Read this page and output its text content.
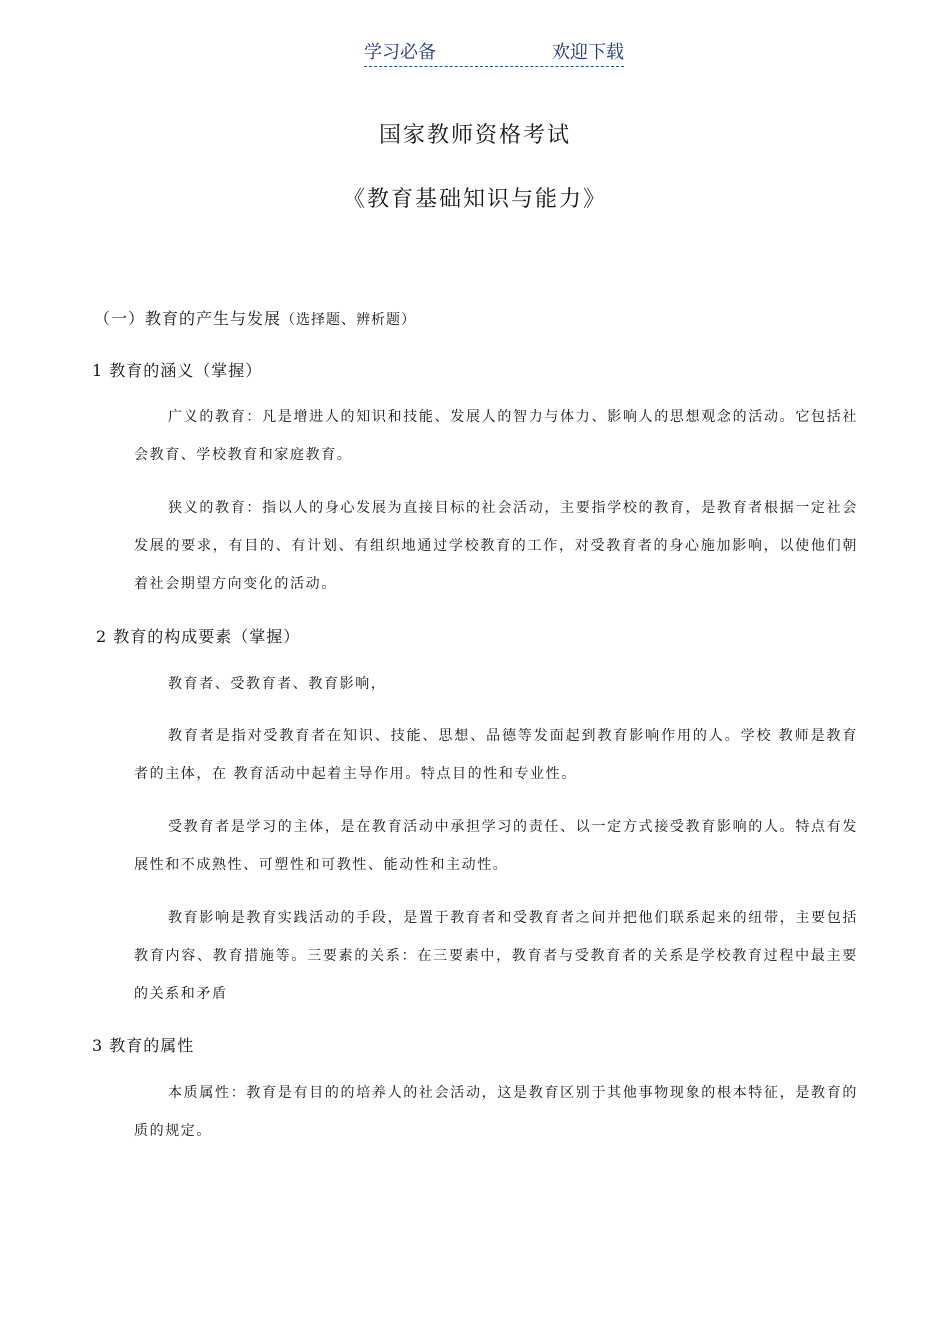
学习必备	欢迎下载
国家教师资格考试
《教育基础知识与能力》
（一）教育的产生与发展（选择题、辨析题）
1 教育的涵义（掌握）
广义的教育：凡是增进人的知识和技能、发展人的智力与体力、影响人的思想观念的活动。它包括社会教育、学校教育和家庭教育。
狭义的教育：指以人的身心发展为直接目标的社会活动，主要指学校的教育，是教育者根据一定社会发展的要求，有目的、有计划、有组织地通过学校教育的工作，对受教育者的身心施加影响，以使他们朝着社会期望方向变化的活动。
2 教育的构成要素（掌握）
教育者、受教育者、教育影响，
教育者是指对受教育者在知识、技能、思想、品德等发面起到教育影响作用的人。学校 教师是教育者的主体，在 教育活动中起着主导作用。特点目的性和专业性。
受教育者是学习的主体，是在教育活动中承担学习的责任、以一定方式接受教育影响的人。特点有发展性和不成熟性、可塑性和可教性、能动性和主动性。
教育影响是教育实践活动的手段，是置于教育者和受教育者之间并把他们联系起来的纽带，主要包括教育内容、教育措施等。三要素的关系：在三要素中，教育者与受教育者的关系是学校教育过程中最主要的关系和矛盾
3 教育的属性
本质属性：教育是有目的的培养人的社会活动，这是教育区别于其他事物现象的根本特征，是教育的质的规定。
